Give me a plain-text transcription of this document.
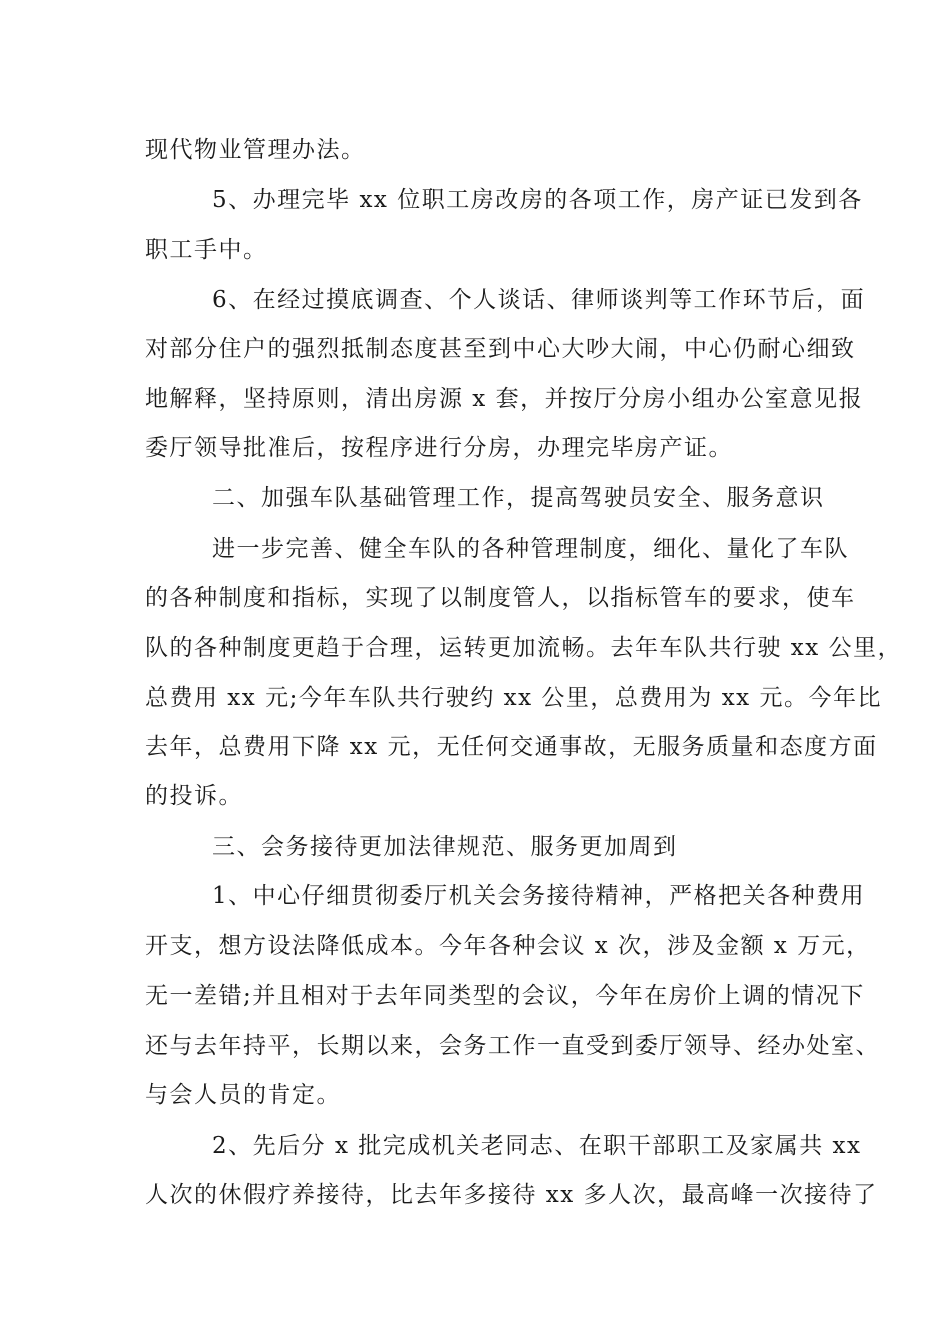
现代物业管理办法。
5、办理完毕 xx 位职工房改房的各项工作，房产证已发到各
职工手中。
6、在经过摸底调查、个人谈话、律师谈判等工作环节后，面
对部分住户的强烈抵制态度甚至到中心大吵大闹，中心仍耐心细致
地解释，坚持原则，清出房源 x 套，并按厅分房小组办公室意见报
委厅领导批准后，按程序进行分房，办理完毕房产证。
二、加强车队基础管理工作，提高驾驶员安全、服务意识
进一步完善、健全车队的各种管理制度，细化、量化了车队
的各种制度和指标，实现了以制度管人，以指标管车的要求，使车
队的各种制度更趋于合理，运转更加流畅。去年车队共行驶 xx 公里，
总费用 xx 元;今年车队共行驶约 xx 公里，总费用为 xx 元。今年比
去年，总费用下降 xx 元，无任何交通事故，无服务质量和态度方面
的投诉。
三、会务接待更加法律规范、服务更加周到
1、中心仔细贯彻委厅机关会务接待精神，严格把关各种费用
开支，想方设法降低成本。今年各种会议 x 次，涉及金额 x 万元，
无一差错;并且相对于去年同类型的会议，今年在房价上调的情况下
还与去年持平，长期以来，会务工作一直受到委厅领导、经办处室、
与会人员的肯定。
2、先后分 x 批完成机关老同志、在职干部职工及家属共 xx
人次的休假疗养接待，比去年多接待 xx 多人次，最高峰一次接待了
